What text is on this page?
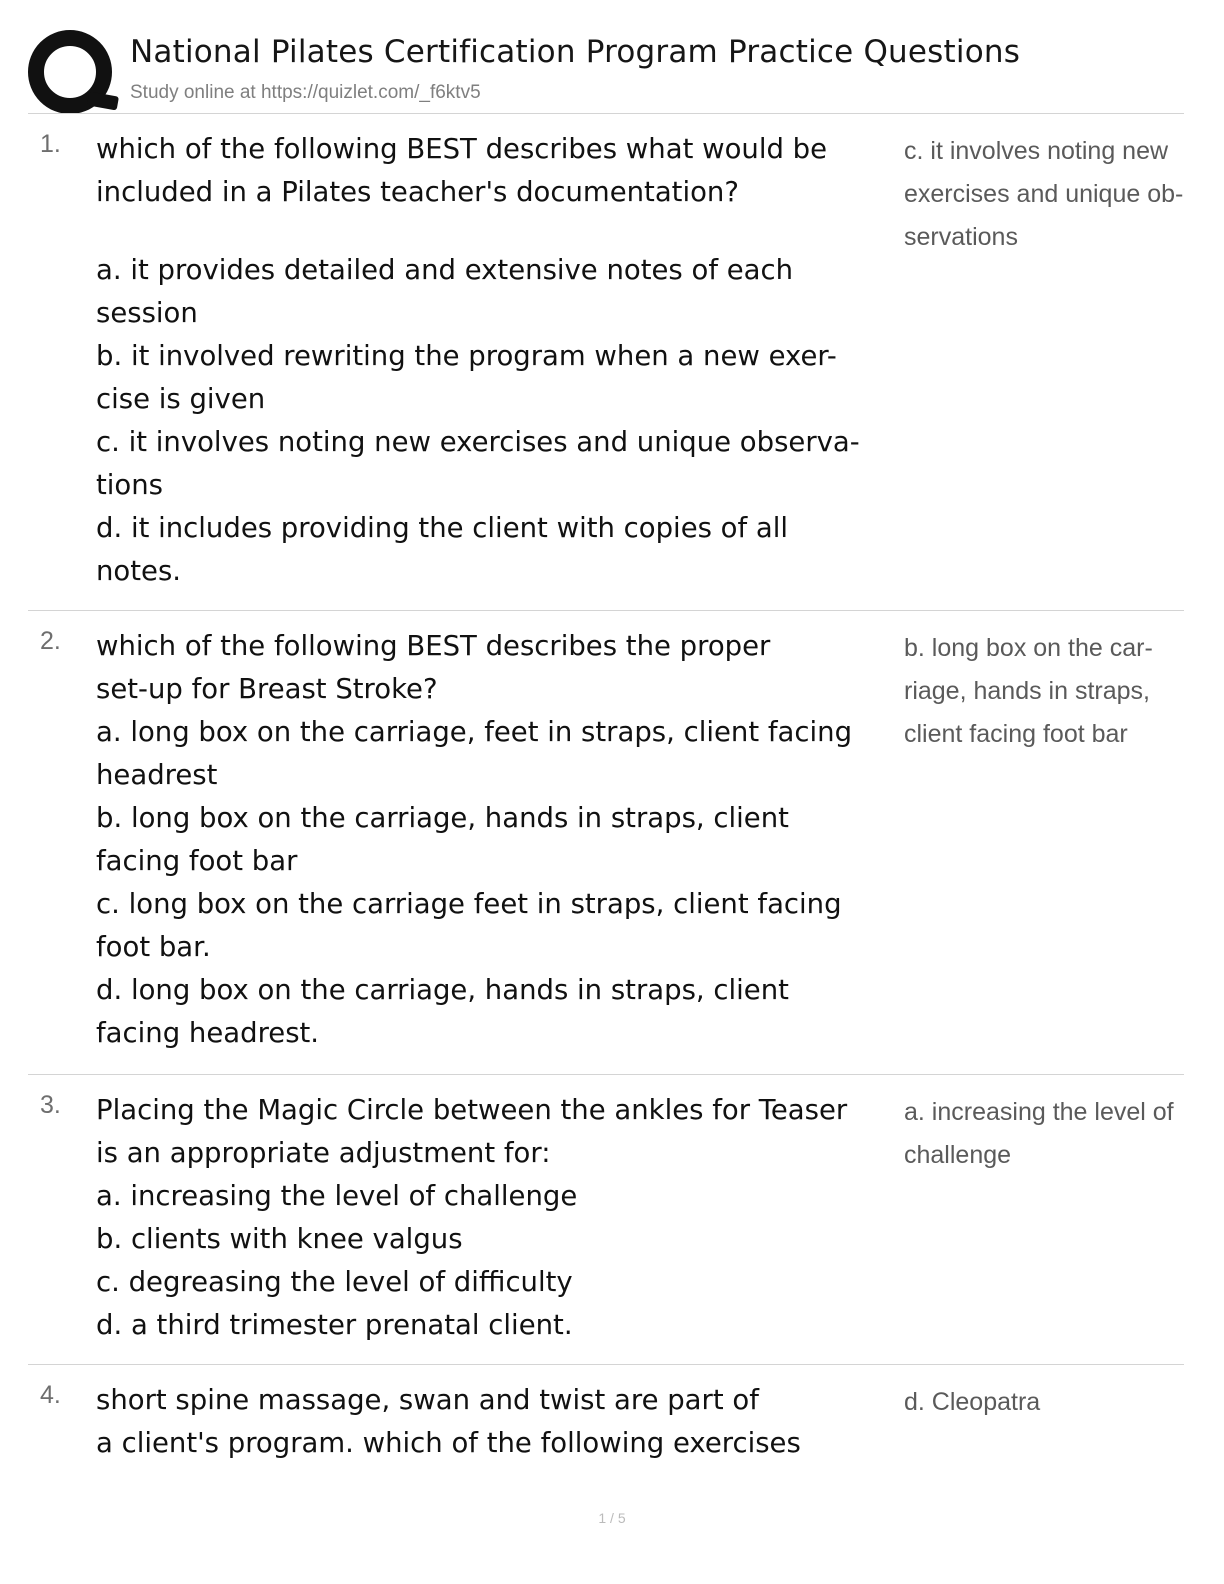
National Pilates Certification Program Practice Questions
Study online at https://quizlet.com/_f6ktv5
1. which of the following BEST describes what would be
included in a Pilates teacher's documentation?
a. it provides detailed and extensive notes of each
session
b. it involved rewriting the program when a new exer-
cise is given
c. it involves noting new exercises and unique observa-
tions
d. it includes providing the client with copies of all
notes.
c. it involves noting new
exercises and unique ob-
servations
2. which of the following BEST describes the proper
set-up for Breast Stroke?
a. long box on the carriage, feet in straps, client facing
headrest
b. long box on the carriage, hands in straps, client
facing foot bar
c. long box on the carriage feet in straps, client facing
foot bar.
d. long box on the carriage, hands in straps, client
facing headrest.
b. long box on the car-
riage, hands in straps,
client facing foot bar
3. Placing the Magic Circle between the ankles for Teaser
is an appropriate adjustment for:
a. increasing the level of challenge
b. clients with knee valgus
c. degreasing the level of difficulty
d. a third trimester prenatal client.
a. increasing the level of
challenge
4. short spine massage, swan and twist are part of
a client's program. which of the following exercises
d. Cleopatra
1 / 5
